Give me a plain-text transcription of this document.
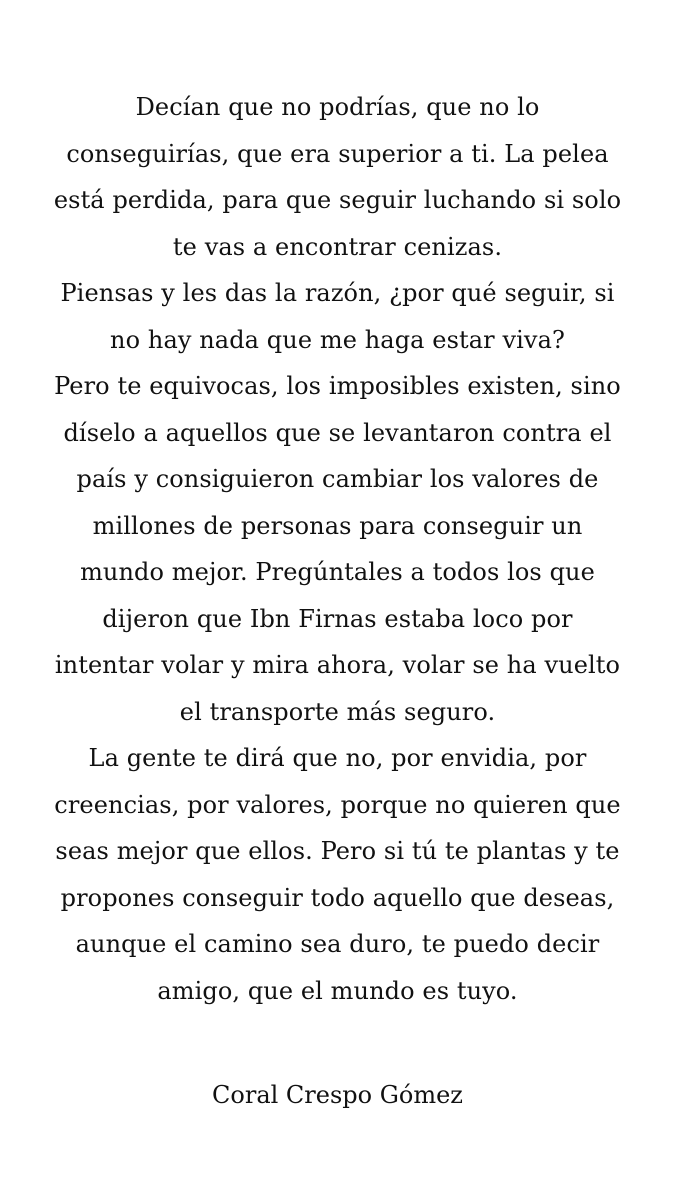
Decían que no podrías, que no lo
conseguirías, que era superior a ti. La pelea
está perdida, para que seguir luchando si solo
te vas a encontrar cenizas.
Piensas y les das la razón, ¿por qué seguir, si
no hay nada que me haga estar viva?
Pero te equivocas, los imposibles existen, sino
díselo a aquellos que se levantaron contra el
país y consiguieron cambiar los valores de
millones de personas para conseguir un
mundo mejor. Pregúntales a todos los que
dijeron que Ibn Firnas estaba loco por
intentar volar y mira ahora, volar se ha vuelto
el transporte más seguro.
La gente te dirá que no, por envidia, por
creencias, por valores, porque no quieren que
seas mejor que ellos. Pero si tú te plantas y te
propones conseguir todo aquello que deseas,
aunque el camino sea duro, te puedo decir
amigo, que el mundo es tuyo.
Coral Crespo Gómez
